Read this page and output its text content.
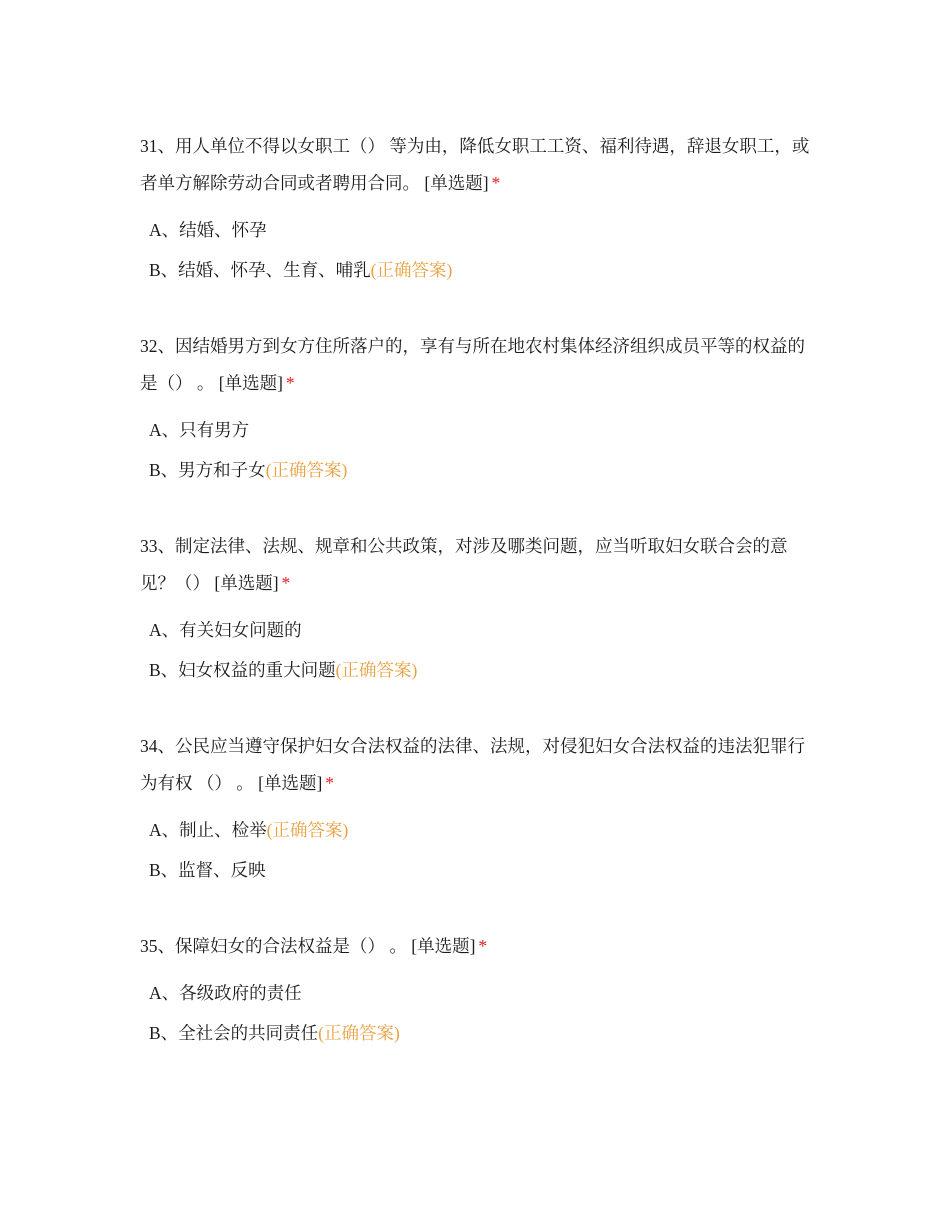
31、用人单位不得以女职工（） 等为由，降低女职工工资、福利待遇，辞退女职工，或者单方解除劳动合同或者聘用合同。 [单选题] *

A、结婚、怀孕
B、结婚、怀孕、生育、哺乳(正确答案)

32、因结婚男方到女方住所落户的，享有与所在地农村集体经济组织成员平等的权益的是（） 。 [单选题] *

A、只有男方
B、男方和子女(正确答案)

33、制定法律、法规、规章和公共政策，对涉及哪类问题，应当听取妇女联合会的意见？（） [单选题] *

A、有关妇女问题的
B、妇女权益的重大问题(正确答案)

34、公民应当遵守保护妇女合法权益的法律、法规，对侵犯妇女合法权益的违法犯罪行为有权 （） 。 [单选题] *

A、制止、检举(正确答案)
B、监督、反映

35、保障妇女的合法权益是（） 。 [单选题] *

A、各级政府的责任
B、全社会的共同责任(正确答案)
